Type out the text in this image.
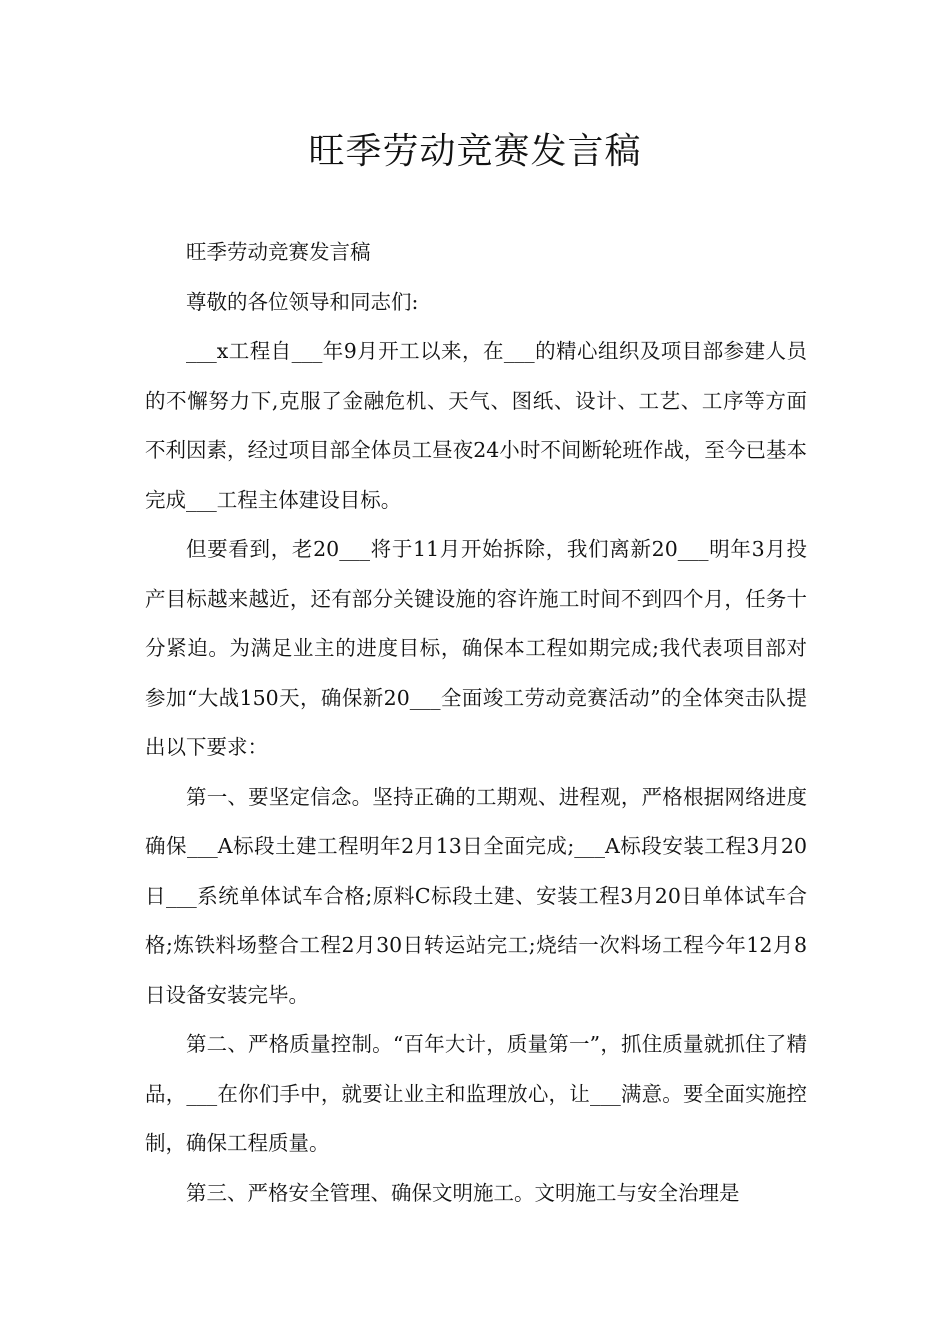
旺季劳动竞赛发言稿

旺季劳动竞赛发言稿

尊敬的各位领导和同志们:

___x工程自___年9月开工以来，在___的精心组织及项目部参建人员的不懈努力下,克服了金融危机、天气、图纸、设计、工艺、工序等方面不利因素，经过项目部全体员工昼夜24小时不间断轮班作战，至今已基本完成___工程主体建设目标。

但要看到，老20___将于11月开始拆除，我们离新20___明年3月投产目标越来越近，还有部分关键设施的容许施工时间不到四个月，任务十分紧迫。为满足业主的进度目标，确保本工程如期完成;我代表项目部对参加“大战150天，确保新20___全面竣工劳动竞赛活动”的全体突击队提出以下要求：

第一、要坚定信念。坚持正确的工期观、进程观，严格根据网络进度确保___A标段土建工程明年2月13日全面完成;___A标段安装工程3月20日___系统单体试车合格;原料C标段土建、安装工程3月20日单体试车合格;炼铁料场整合工程2月30日转运站完工;烧结一次料场工程今年12月8日设备安装完毕。

第二、严格质量控制。“百年大计，质量第一”，抓住质量就抓住了精品，___在你们手中，就要让业主和监理放心，让___满意。要全面实施控制，确保工程质量。

第三、严格安全管理、确保文明施工。文明施工与安全治理是
